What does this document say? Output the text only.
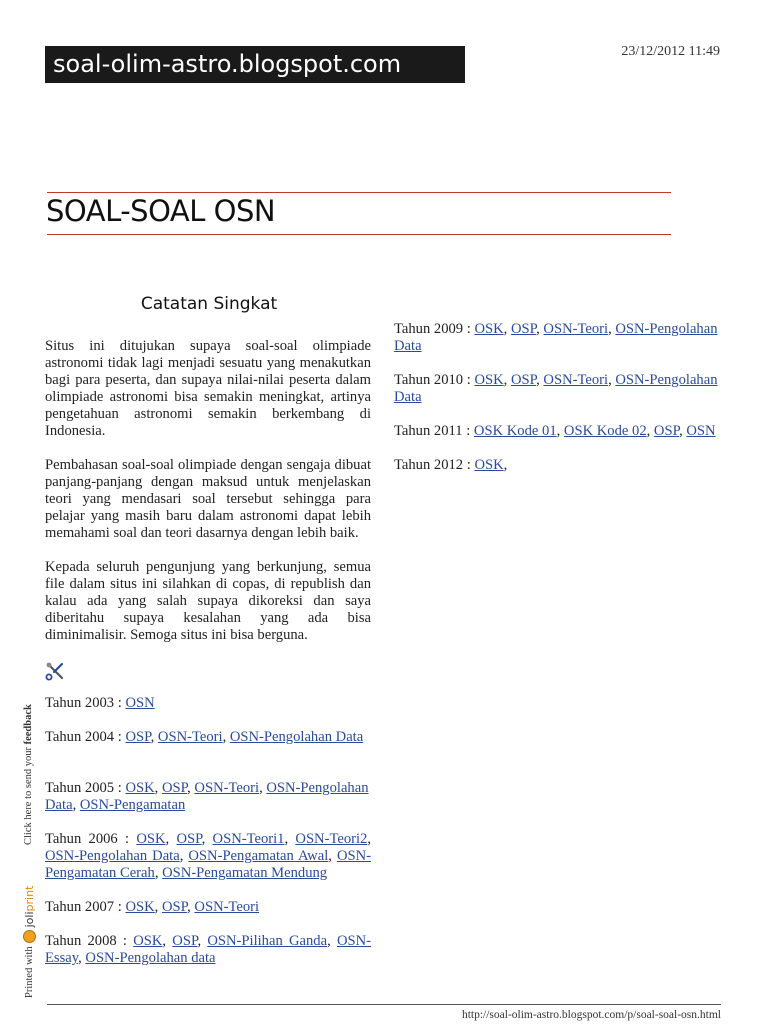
soal-olim-astro.blogspot.com	23/12/2012 11:49
SOAL-SOAL OSN
Catatan Singkat

Situs ini ditujukan supaya soal-soal olimpiade astronomi tidak lagi menjadi sesuatu yang menakutkan bagi para peserta, dan supaya nilai-nilai peserta dalam olimpiade astronomi bisa semakin meningkat, artinya pengetahuan astronomi semakin berkembang di Indonesia.

Pembahasan soal-soal olimpiade dengan sengaja dibuat panjang-panjang dengan maksud untuk menjelaskan teori yang mendasari soal tersebut sehingga para pelajar yang masih baru dalam astronomi dapat lebih memahami soal dan teori dasarnya dengan lebih baik.

Kepada seluruh pengunjung yang berkunjung, semua file dalam situs ini silahkan di copas, di republish dan kalau ada yang salah supaya dikoreksi dan saya diberitahu supaya kesalahan yang ada bisa diminimalisir. Semoga situs ini bisa berguna.

Tahun 2003 : OSN

Tahun 2004 : OSP, OSN-Teori, OSN-Pengolahan Data

Tahun 2005 : OSK, OSP, OSN-Teori, OSN-Pengolahan Data, OSN-Pengamatan

Tahun 2006 : OSK, OSP, OSN-Teori1, OSN-Teori2, OSN-Pengolahan Data, OSN-Pengamatan Awal, OSN-Pengamatan Cerah, OSN-Pengamatan Mendung

Tahun 2007 : OSK, OSP, OSN-Teori

Tahun 2008 : OSK, OSP, OSN-Pilihan Ganda, OSN-Essay, OSN-Pengolahan data

Tahun 2009 : OSK, OSP, OSN-Teori, OSN-Pengolahan Data

Tahun 2010 : OSK, OSP, OSN-Teori, OSN-Pengolahan Data

Tahun 2011 : OSK Kode 01, OSK Kode 02, OSP, OSN

Tahun 2012 : OSK,

Click here to send your feedback
Printed with
joliprint
http://soal-olim-astro.blogspot.com/p/soal-soal-osn.html
